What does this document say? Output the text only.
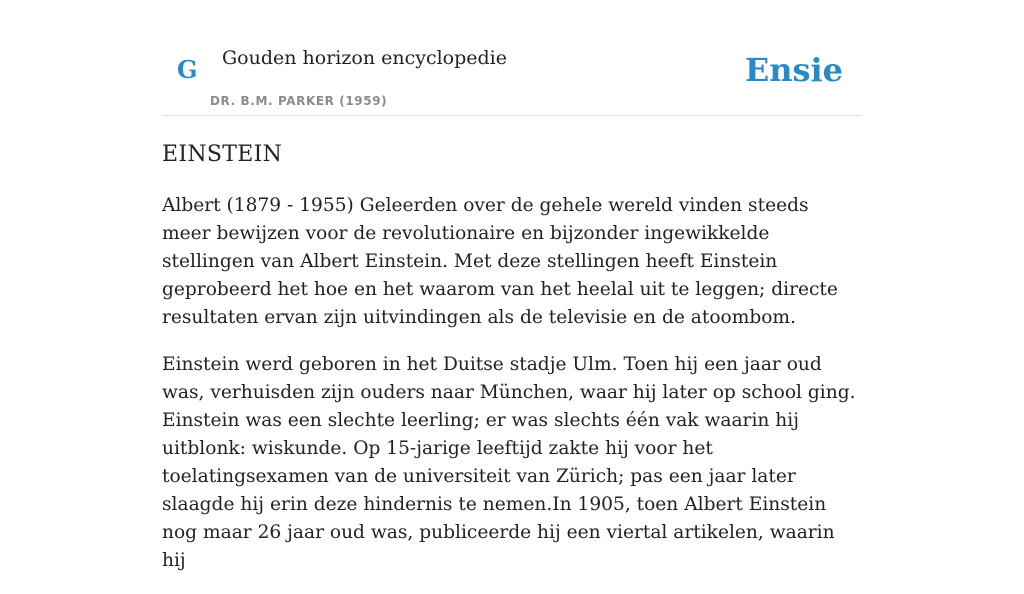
G Gouden horizon encyclopedie
DR. B.M. PARKER (1959)
Ensie
EINSTEIN

Albert (1879 - 1955) Geleerden over de gehele wereld vinden steeds meer bewijzen voor de revolutionaire en bijzonder ingewikkelde stellingen van Albert Einstein. Met deze stellingen heeft Einstein geprobeerd het hoe en het waarom van het heelal uit te leggen; directe resultaten ervan zijn uitvindingen als de televisie en de atoombom.

Einstein werd geboren in het Duitse stadje Ulm. Toen hij een jaar oud was, verhuisden zijn ouders naar München, waar hij later op school ging. Einstein was een slechte leerling; er was slechts één vak waarin hij uitblonk: wiskunde. Op 15-jarige leeftijd zakte hij voor het toelatingsexamen van de universiteit van Zürich; pas een jaar later slaagde hij erin deze hindernis te nemen.In 1905, toen Albert Einstein nog maar 26 jaar oud was, publiceerde hij een viertal artikelen, waarin hij
